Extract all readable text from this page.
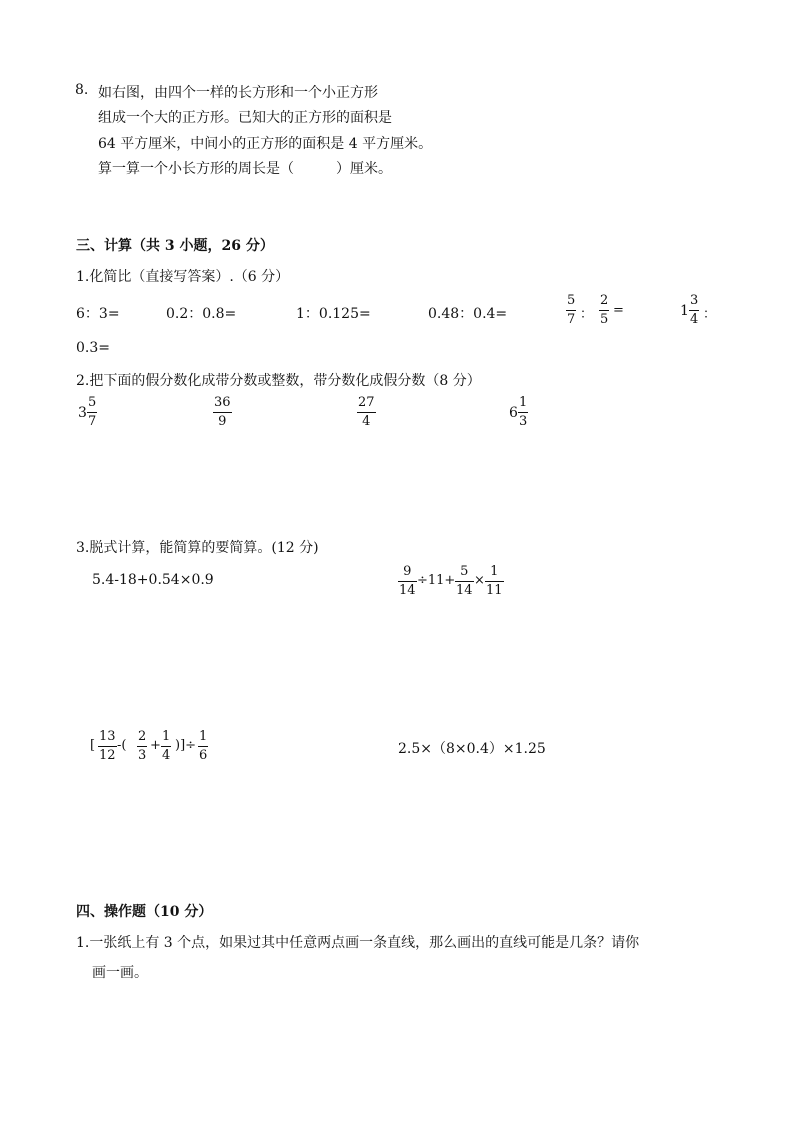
8. 如右图，由四个一样的长方形和一个小正方形
组成一个大的正方形。已知大的正方形的面积是
64 平方厘米，中间小的正方形的面积是 4 平方厘米。
算一算一个小长方形的周长是（　　　）厘米。
三、计算（共 3 小题，26 分）
1.化简比（直接写答案）.（6 分）
6：3=	0.2：0.8=	1：0.125=	0.48：0.4=	$\frac{5}{7}$ ： $\frac{2}{5}$ =	$1 \frac{3}{4}$ ：
0.3=
2.把下面的假分数化成带分数或整数，带分数化成假分数（8 分）
$3 \frac{5}{7}$	$\frac{36}{9}$	$\frac{27}{4}$	$6 \frac{1}{3}$
3.脱式计算，能简算的要简算。(12 分)
5.4-18+0.54×0.9	$\frac{9}{14} \div 11+ \frac{5}{14} \times \frac{1}{11}$
[ $\frac{13}{12}$ -( $\frac{2}{3} + \frac{1}{4}$ )]÷ $\frac{1}{6}$	2.5×（8×0.4）×1.25
四、操作题（10 分）
1.一张纸上有 3 个点，如果过其中任意两点画一条直线，那么画出的直线可能是几条？请你
画一画。
